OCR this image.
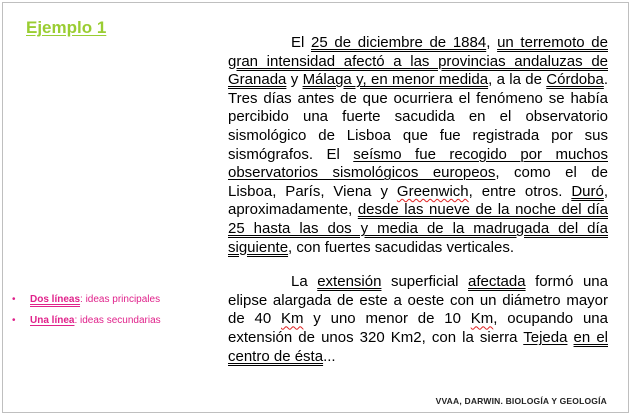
Ejemplo 1

El 25 de diciembre de 1884, un terremoto de gran intensidad afectó a las provincias andaluzas de Granada y Málaga y, en menor medida, a la de Córdoba. Tres días antes de que ocurriera el fenómeno se había percibido una fuerte sacudida en el observatorio sismológico de Lisboa que fue registrada por sus sismógrafos. El seísmo fue recogido por muchos observatorios sismológicos europeos, como el de Lisboa, París, Viena y Greenwich, entre otros. Duró, aproximadamente, desde las nueve de la noche del día 25 hasta las dos y media de la madrugada del día siguiente, con fuertes sacudidas verticales.

La extensión superficial afectada formó una elipse alargada de este a oeste con un diámetro mayor de 40 Km y uno menor de 10 Km, ocupando una extensión de unos 320 Km2, con la sierra Tejeda en el centro de ésta...

•	Dos líneas : ideas principales
•	Una línea : ideas secundarias
VVAA, DARWIN. BIOLOGÍA Y GEOLOGÍA
